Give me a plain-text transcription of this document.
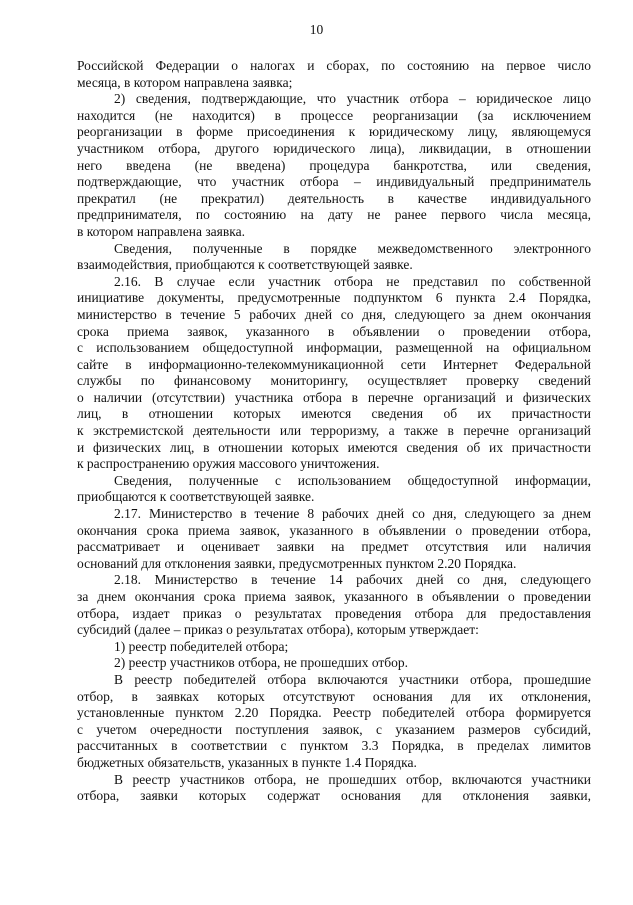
10
Российской Федерации о налогах и сборах, по состоянию на первое число
месяца, в котором направлена заявка;
2) сведения, подтверждающие, что участник отбора – юридическое лицо
находится (не находится) в процессе реорганизации (за исключением
реорганизации в форме присоединения к юридическому лицу, являющемуся
участником отбора, другого юридического лица), ликвидации, в отношении
него введена (не введена) процедура банкротства, или сведения,
подтверждающие, что участник отбора – индивидуальный предприниматель
прекратил (не прекратил) деятельность в качестве индивидуального
предпринимателя, по состоянию на дату не ранее первого числа месяца,
в котором направлена заявка.
Сведения, полученные в порядке межведомственного электронного
взаимодействия, приобщаются к соответствующей заявке.
2.16. В случае если участник отбора не представил по собственной
инициативе документы, предусмотренные подпунктом 6 пункта 2.4 Порядка,
министерство в течение 5 рабочих дней со дня, следующего за днем окончания
срока приема заявок, указанного в объявлении о проведении отбора,
с использованием общедоступной информации, размещенной на официальном
сайте в информационно-телекоммуникационной сети Интернет Федеральной
службы по финансовому мониторингу, осуществляет проверку сведений
о наличии (отсутствии) участника отбора в перечне организаций и физических
лиц, в отношении которых имеются сведения об их причастности
к экстремистской деятельности или терроризму, а также в перечне организаций
и физических лиц, в отношении которых имеются сведения об их причастности
к распространению оружия массового уничтожения.
Сведения, полученные с использованием общедоступной информации,
приобщаются к соответствующей заявке.
2.17. Министерство в течение 8 рабочих дней со дня, следующего за днем
окончания срока приема заявок, указанного в объявлении о проведении отбора,
рассматривает и оценивает заявки на предмет отсутствия или наличия
оснований для отклонения заявки, предусмотренных пунктом 2.20 Порядка.
2.18. Министерство в течение 14 рабочих дней со дня, следующего
за днем окончания срока приема заявок, указанного в объявлении о проведении
отбора, издает приказ о результатах проведения отбора для предоставления
субсидий (далее – приказ о результатах отбора), которым утверждает:
1) реестр победителей отбора;
2) реестр участников отбора, не прошедших отбор.
В реестр победителей отбора включаются участники отбора, прошедшие
отбор, в заявках которых отсутствуют основания для их отклонения,
установленные пунктом 2.20 Порядка. Реестр победителей отбора формируется
с учетом очередности поступления заявок, с указанием размеров субсидий,
рассчитанных в соответствии с пунктом 3.3 Порядка, в пределах лимитов
бюджетных обязательств, указанных в пункте 1.4 Порядка.
В реестр участников отбора, не прошедших отбор, включаются участники
отбора, заявки которых содержат основания для отклонения заявки,
